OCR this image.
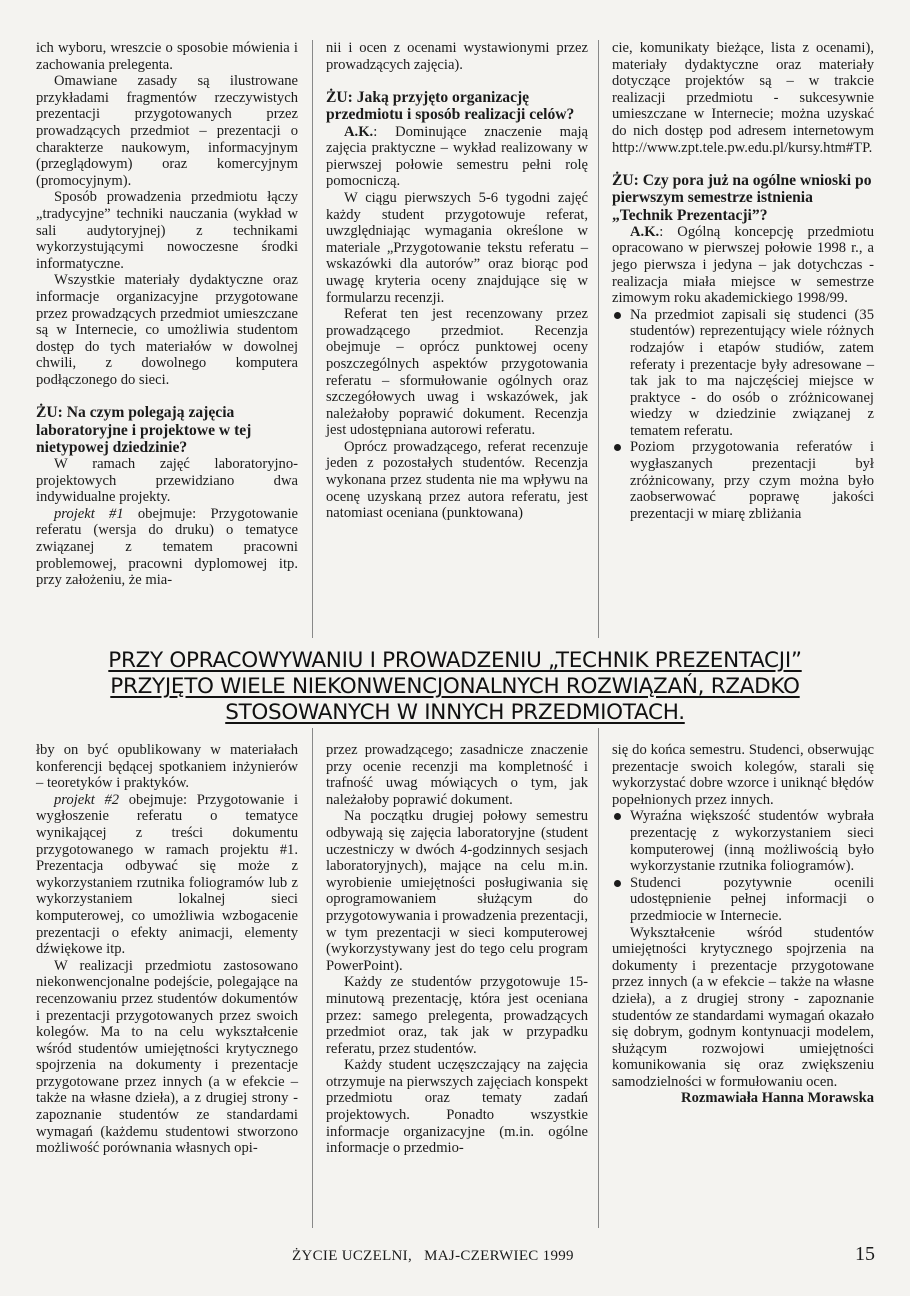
ich wyboru, wreszcie o sposobie mówienia i zachowania prelegenta.

Omawiane zasady są ilustrowane przykładami fragmentów rzeczywistych prezentacji przygotowanych przez prowadzących przedmiot – prezentacji o charakterze naukowym, informacyjnym (przeglądowym) oraz komercyjnym (promocyjnym).

Sposób prowadzenia przedmiotu łączy „tradycyjne” techniki nauczania (wykład w sali audytoryjnej) z technikami wykorzystującymi nowoczesne środki informatyczne.

Wszystkie materiały dydaktyczne oraz informacje organizacyjne przygotowane przez prowadzących przedmiot umieszczane są w Internecie, co umożliwia studentom dostęp do tych materiałów w dowolnej chwili, z dowolnego komputera podłączonego do sieci.

ŻU: Na czym polegają zajęcia laboratoryjne i projektowe w tej nietypowej dziedzinie?

W ramach zajęć laboratoryjno-projektowych przewidziano dwa indywidualne projekty.

projekt #1 obejmuje: Przygotowanie referatu (wersja do druku) o tematyce związanej z tematem pracowni problemowej, pracowni dyplomowej itp. przy założeniu, że mia-

nii i ocen z ocenami wystawionymi przez prowadzących zajęcia).

ŻU: Jaką przyjęto organizację przedmiotu i sposób realizacji celów?

A.K.: Dominujące znaczenie mają zajęcia praktyczne – wykład realizowany w pierwszej połowie semestru pełni rolę pomocniczą.

W ciągu pierwszych 5-6 tygodni zajęć każdy student przygotowuje referat, uwzględniając wymagania określone w materiale „Przygotowanie tekstu referatu – wskazówki dla autorów” oraz biorąc pod uwagę kryteria oceny znajdujące się w formularzu recenzji.

Referat ten jest recenzowany przez prowadzącego przedmiot. Recenzja obejmuje – oprócz punktowej oceny poszczególnych aspektów przygotowania referatu – sformułowanie ogólnych oraz szczegółowych uwag i wskazówek, jak należałoby poprawić dokument. Recenzja jest udostępniana autorowi referatu.

Oprócz prowadzącego, referat recenzuje jeden z pozostałych studentów. Recenzja wykonana przez studenta nie ma wpływu na ocenę uzyskaną przez autora referatu, jest natomiast oceniana (punktowana)

cie, komunikaty bieżące, lista z ocenami), materiały dydaktyczne oraz materiały dotyczące projektów są – w trakcie realizacji przedmiotu - sukcesywnie umieszczane w Internecie; można uzyskać do nich dostęp pod adresem internetowym http://www.zpt.tele.pw.edu.pl/kursy.htm#TP.

ŻU: Czy pora już na ogólne wnioski po pierwszym semestrze istnienia „Technik Prezentacji”?

A.K.: Ogólną koncepcję przedmiotu opracowano w pierwszej połowie 1998 r., a jego pierwsza i jedyna – jak dotychczas - realizacja miała miejsce w semestrze zimowym roku akademickiego 1998/99.

Na przedmiot zapisali się studenci (35 studentów) reprezentujący wiele różnych rodzajów i etapów studiów, zatem referaty i prezentacje były adresowane – tak jak to ma najczęściej miejsce w praktyce - do osób o zróżnicowanej wiedzy w dziedzinie związanej z tematem referatu.
Poziom przygotowania referatów i wygłaszanych prezentacji był zróżnicowany, przy czym można było zaobserwować poprawę jakości prezentacji w miarę zbliżania
PRZY OPRACOWYWANIU I PROWADZENIU „TECHNIK PREZENTACJI”
PRZYJĘTO WIELE NIEKONWENCJONALNYCH ROZWIĄZAŃ, RZADKO
STOSOWANYCH W INNYCH PRZEDMIOTACH.

łby on być opublikowany w materiałach konferencji będącej spotkaniem inżynierów – teoretyków i praktyków.

projekt #2 obejmuje: Przygotowanie i wygłoszenie referatu o tematyce wynikającej z treści dokumentu przygotowanego w ramach projektu #1. Prezentacja odbywać się może z wykorzystaniem rzutnika foliogramów lub z wykorzystaniem lokalnej sieci komputerowej, co umożliwia wzbogacenie prezentacji o efekty animacji, elementy dźwiękowe itp.

W realizacji przedmiotu zastosowano niekonwencjonalne podejście, polegające na recenzowaniu przez studentów dokumentów i prezentacji przygotowanych przez swoich kolegów. Ma to na celu wykształcenie wśród studentów umiejętności krytycznego spojrzenia na dokumenty i prezentacje przygotowane przez innych (a w efekcie – także na własne dzieła), a z drugiej strony - zapoznanie studentów ze standardami wymagań (każdemu studentowi stworzono możliwość porównania własnych opi-

przez prowadzącego; zasadnicze znaczenie przy ocenie recenzji ma kompletność i trafność uwag mówiących o tym, jak należałoby poprawić dokument.

Na początku drugiej połowy semestru odbywają się zajęcia laboratoryjne (student uczestniczy w dwóch 4-godzinnych sesjach laboratoryjnych), mające na celu m.in. wyrobienie umiejętności posługiwania się oprogramowaniem służącym do przygotowywania i prowadzenia prezentacji, w tym prezentacji w sieci komputerowej (wykorzystywany jest do tego celu program PowerPoint).

Każdy ze studentów przygotowuje 15-minutową prezentację, która jest oceniana przez: samego prelegenta, prowadzących przedmiot oraz, tak jak w przypadku referatu, przez studentów.

Każdy student uczęszczający na zajęcia otrzymuje na pierwszych zajęciach konspekt przedmiotu oraz tematy zadań projektowych. Ponadto wszystkie informacje organizacyjne (m.in. ogólne informacje o przedmio-

się do końca semestru. Studenci, obserwując prezentacje swoich kolegów, starali się wykorzystać dobre wzorce i uniknąć błędów popełnionych przez innych.

Wyraźna większość studentów wybrała prezentację z wykorzystaniem sieci komputerowej (inną możliwością było wykorzystanie rzutnika foliogramów).
Studenci pozytywnie ocenili udostępnienie pełnej informacji o przedmiocie w Internecie.

Wykształcenie wśród studentów umiejętności krytycznego spojrzenia na dokumenty i prezentacje przygotowane przez innych (a w efekcie – także na własne dzieła), a z drugiej strony - zapoznanie studentów ze standardami wymagań okazało się dobrym, godnym kontynuacji modelem, służącym rozwojowi umiejętności komunikowania się oraz zwiększeniu samodzielności w formułowaniu ocen.

Rozmawiała Hanna Morawska

ŻYCIE UCZELNI,   MAJ-CZERWIEC 1999	15
